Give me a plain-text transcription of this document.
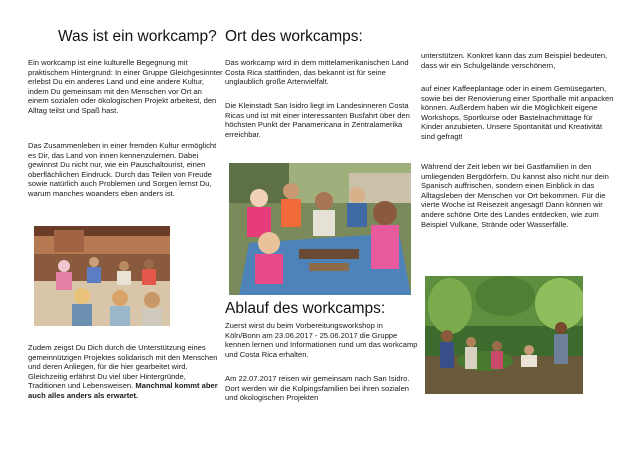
Was ist ein workcamp?

Ein workcamp ist eine kulturelle Begegnung mit praktischem Hintergrund: In einer Gruppe Gleichgesinnter erlebst Du ein anderes Land und eine andere Kultur, indem Du gemeinsam mit den Menschen vor Ort an einem sozialen oder ökologischen Projekt arbeitest, den Alltag teilst und Spaß hast.

Das Zusammenleben in einer fremden Kultur ermöglicht es Dir, das Land von innen kennenzulernen. Dabei gewinnst Du nicht nur, wie ein Pauschaltourist, einen oberflächlichen Eindruck. Durch das Teilen von Freude sowie natürlich auch Problemen und Sorgen lernst Du, warum manches woanders eben anders ist.

Zudem zeigst Du Dich durch die Unterstützung eines gemeinnützigen Projektes solidarisch mit den Menschen und deren Anliegen, für die hier gearbeitet wird. Gleichzeitig erfährst Du viel über Hintergründe, Traditionen und Lebensweisen. Manchmal kommt aber auch alles anders als erwartet.

Ort des workcamps:

Das workcamp wird in dem mittelamerikanischen Land Costa Rica stattfinden, das bekannt ist für seine unglaublich große Artenvielfalt.

Die Kleinstadt San Isidro liegt im Landesinneren Costa Ricas und ist mit einer interessanten Busfahrt über den höchsten Punkt der Panamericana in Zentralamerika erreichbar.

Ablauf des workcamps:

Zuerst wirst du beim Vorbereitungsworkshop in Köln/Bonn am 23.06.2017 - 25.06.2017 die Gruppe kennen lernen und Informationen rund um das workcamp und Costa Rica erhalten.

Am 22.07.2017 reisen wir gemeinsam nach San Isidro. Dort werden wir die Kolpingsfamilien bei ihren sozialen und ökologischen Projekten

unterstützen. Konkret kann das zum Beispiel bedeuten, dass wir ein Schulgelände verschönern,

auf einer Kaffeeplantage oder in einem Gemüsegarten, sowie bei der Renovierung einer Sporthalle mit anpacken können. Außerdem haben wir die Möglichkeit eigene Workshops, Sportkurse oder Bastelnachmittage für Kinder anzubieten. Unsere Spontanität und Kreativität sind gefragt!

Während der Zeit leben wir bei Gastfamilien in den umliegenden Bergdörfern. Du kannst also nicht nur dein Spanisch auffrischen, sondern einen Einblick in das Alltagsleben der Menschen vor Ort bekommen. Für die vierte Woche ist Reisezeit angesagt! Dann können wir andere schöne Orte des Landes entdecken, wie zum Beispiel Vulkane, Strände oder Wasserfälle.
